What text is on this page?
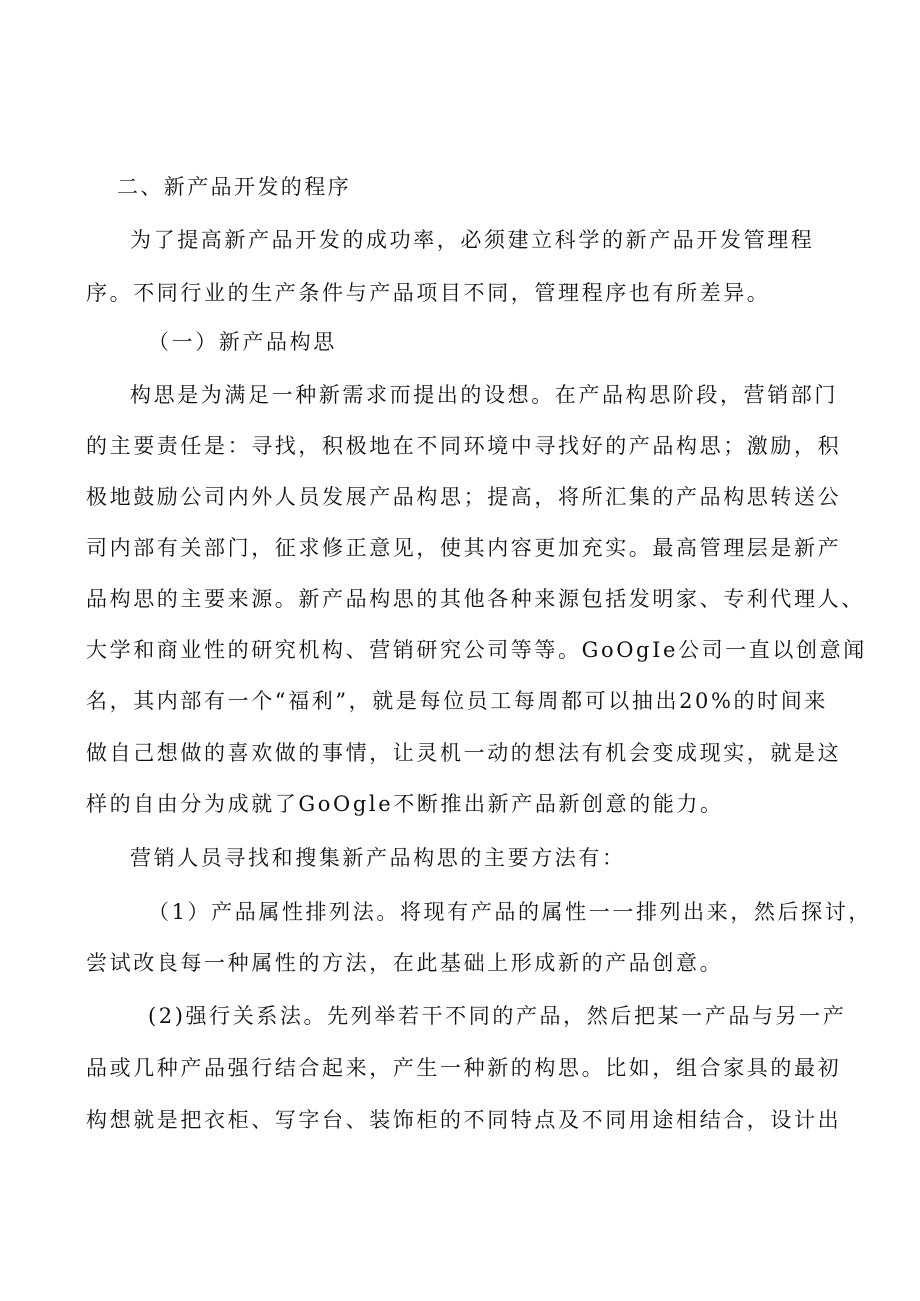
二、新产品开发的程序
为了提高新产品开发的成功率，必须建立科学的新产品开发管理程
序。不同行业的生产条件与产品项目不同，管理程序也有所差异。
（一）新产品构思
构思是为满足一种新需求而提出的设想。在产品构思阶段，营销部门
的主要责任是：寻找，积极地在不同环境中寻找好的产品构思；激励，积
极地鼓励公司内外人员发展产品构思；提高，将所汇集的产品构思转送公
司内部有关部门，征求修正意见，使其内容更加充实。最高管理层是新产
品构思的主要来源。新产品构思的其他各种来源包括发明家、专利代理人、
大学和商业性的研究机构、营销研究公司等等。GoOgIe公司一直以创意闻
名，其内部有一个“福利”，就是每位员工每周都可以抽出20%的时间来
做自己想做的喜欢做的事情，让灵机一动的想法有机会变成现实，就是这
样的自由分为成就了GoOgle不断推出新产品新创意的能力。
营销人员寻找和搜集新产品构思的主要方法有：
（1）产品属性排列法。将现有产品的属性一一排列出来，然后探讨，
尝试改良每一种属性的方法，在此基础上形成新的产品创意。
(2)强行关系法。先列举若干不同的产品，然后把某一产品与另一产
品或几种产品强行结合起来，产生一种新的构思。比如，组合家具的最初
构想就是把衣柜、写字台、装饰柜的不同特点及不同用途相结合，设计出
